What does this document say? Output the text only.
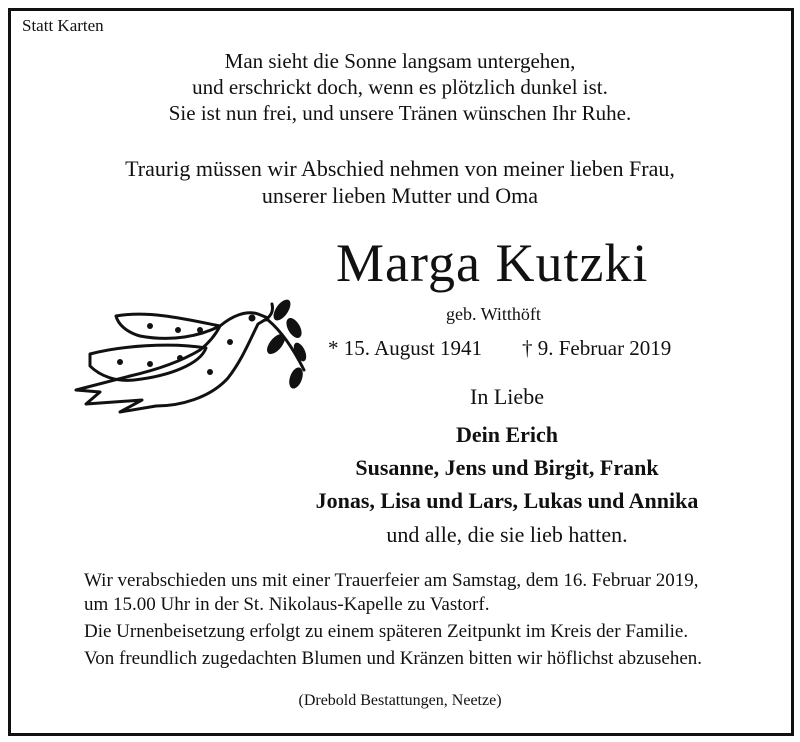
Statt Karten
Man sieht die Sonne langsam untergehen,
und erschrickt doch, wenn es plötzlich dunkel ist.
Sie ist nun frei, und unsere Tränen wünschen Ihr Ruhe.
Traurig müssen wir Abschied nehmen von meiner lieben Frau,
unserer lieben Mutter und Oma
Marga Kutzki
geb. Witthöft
* 15. August 1941 † 9. Februar 2019
In Liebe
Dein Erich
Susanne, Jens und Birgit, Frank
Jonas, Lisa und Lars, Lukas und Annika
und alle, die sie lieb hatten.
Wir verabschieden uns mit einer Trauerfeier am Samstag, dem 16. Februar 2019,
um 15.00 Uhr in der St. Nikolaus-Kapelle zu Vastorf.
Die Urnenbeisetzung erfolgt zu einem späteren Zeitpunkt im Kreis der Familie.
Von freundlich zugedachten Blumen und Kränzen bitten wir höflichst abzusehen.
(Drebold Bestattungen, Neetze)
